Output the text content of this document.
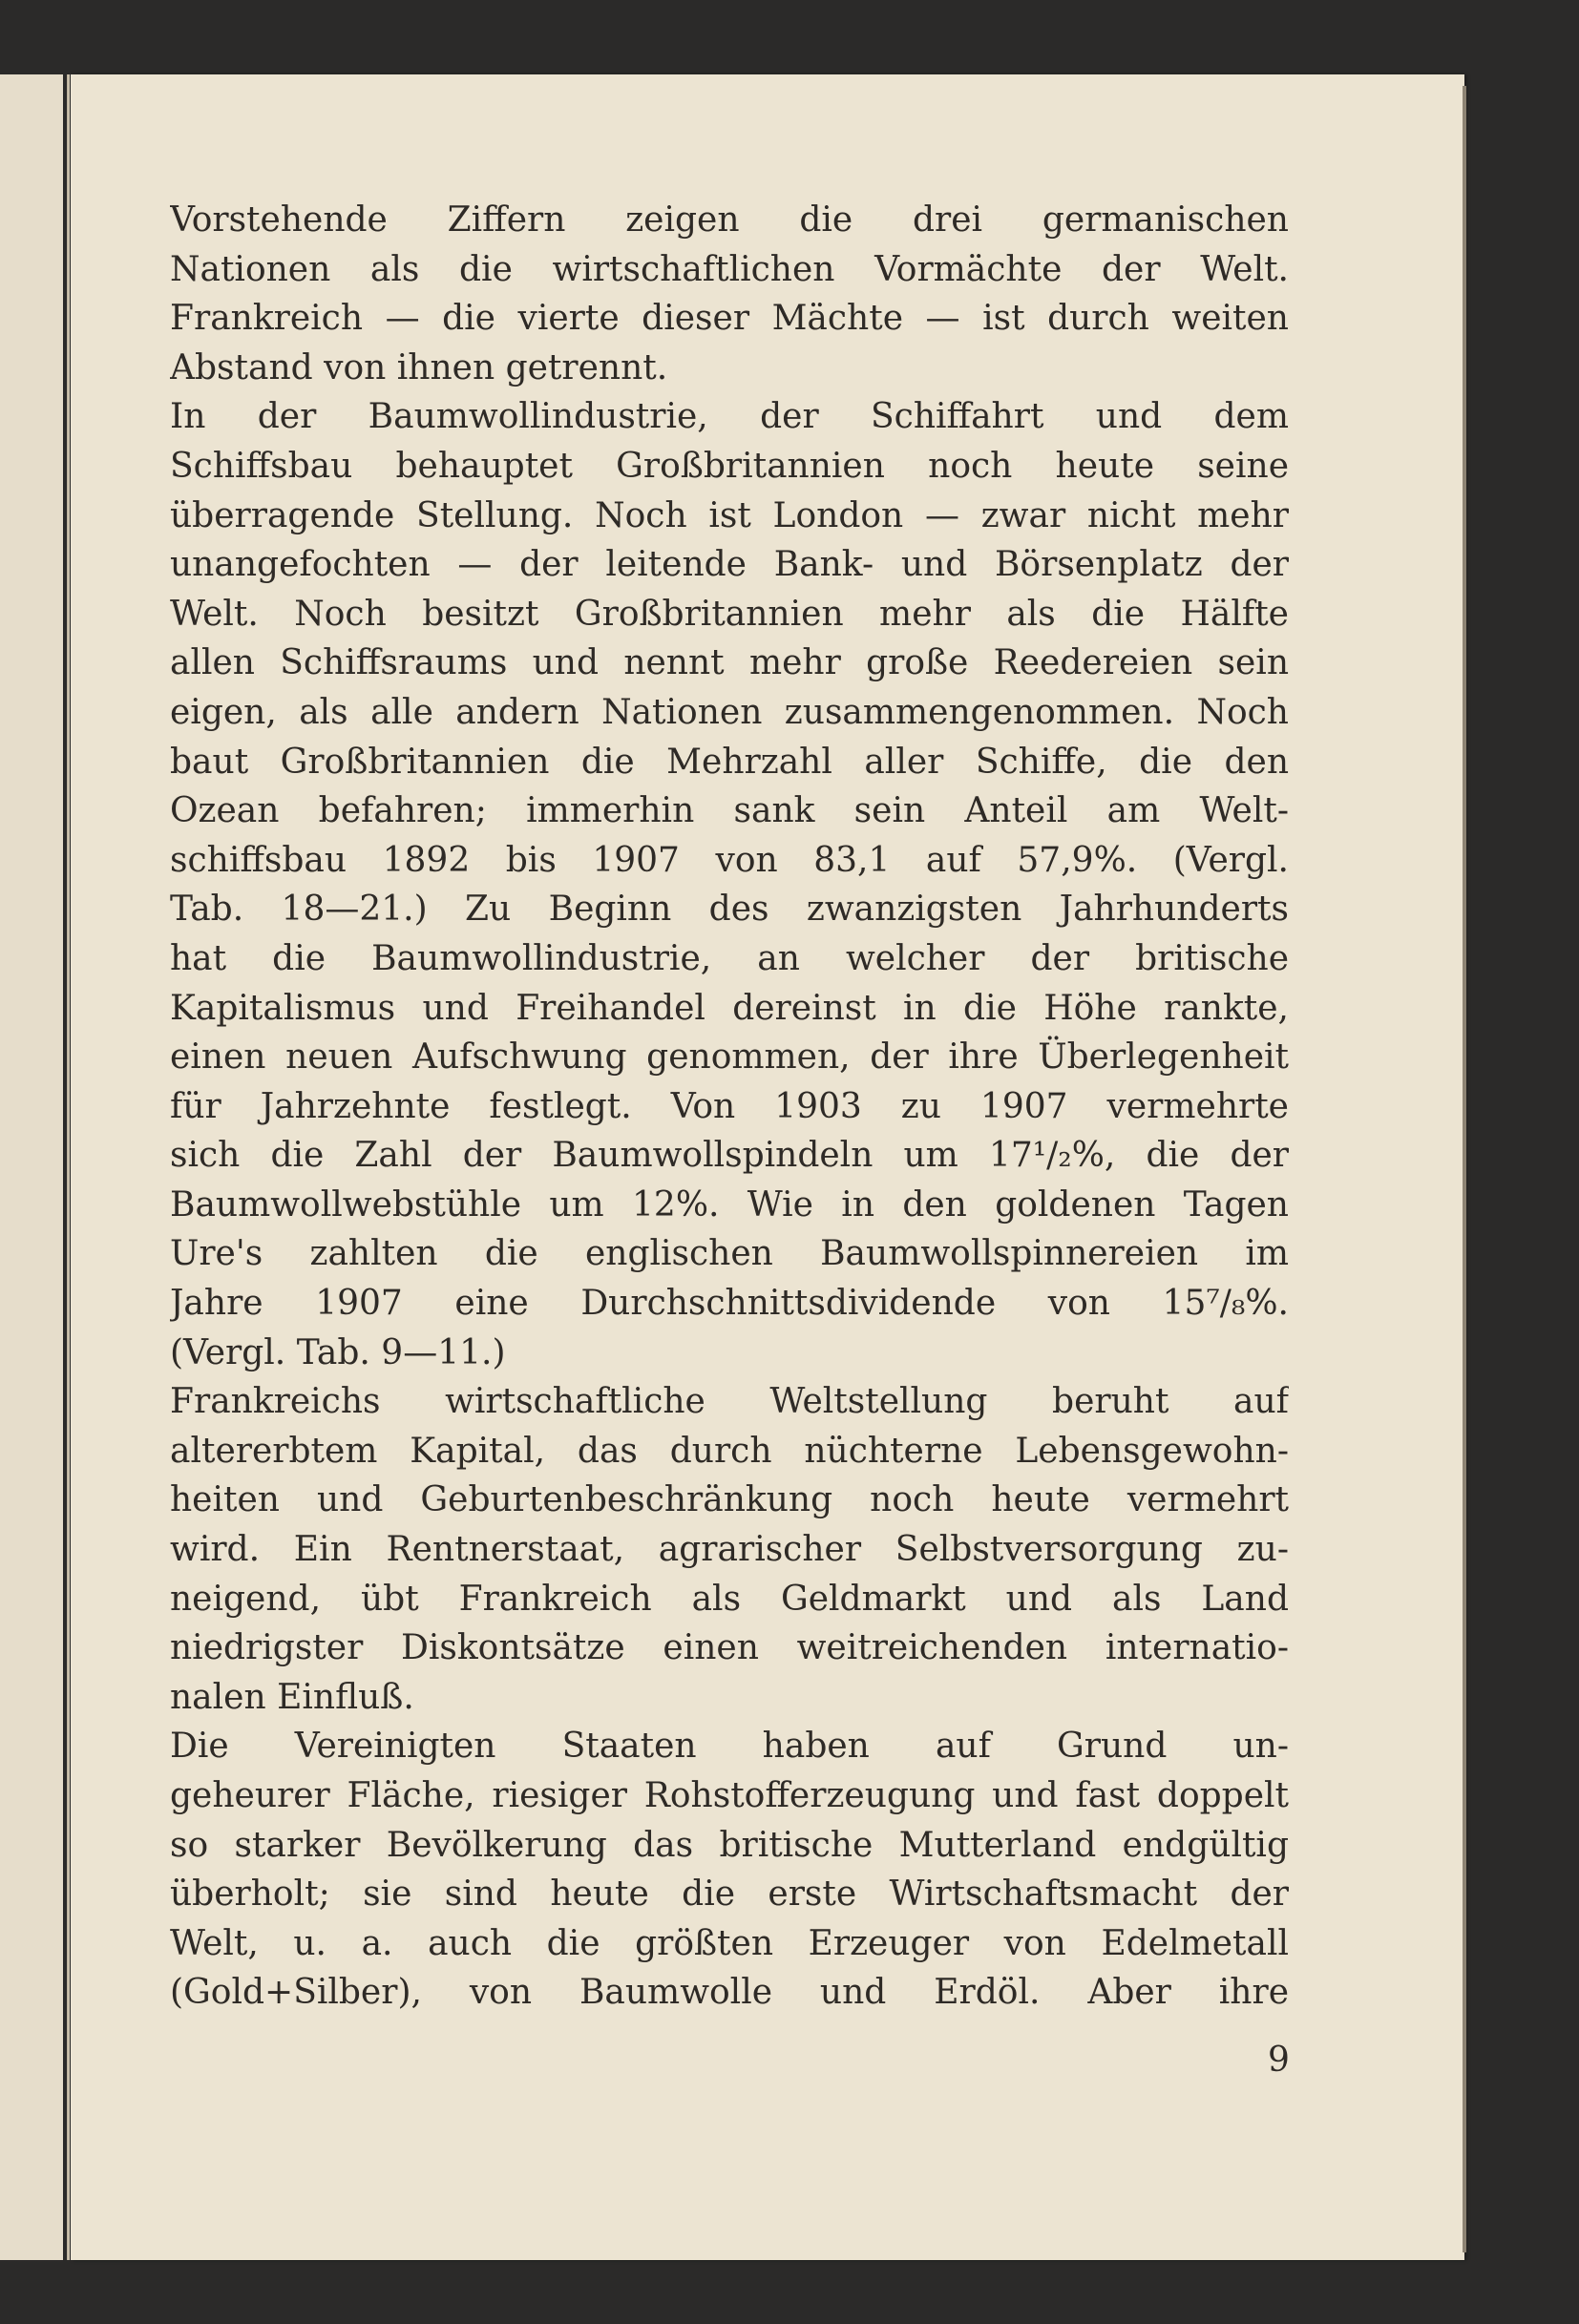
Vorstehende Ziffern zeigen die drei germanischen
Nationen als die wirtschaftlichen Vormächte der Welt.
Frankreich — die vierte dieser Mächte — ist durch weiten
Abstand von ihnen getrennt.
In der Baumwollindustrie, der Schiffahrt und dem
Schiffsbau behauptet Großbritannien noch heute seine
überragende Stellung. Noch ist London — zwar nicht mehr
unangefochten — der leitende Bank- und Börsenplatz der
Welt. Noch besitzt Großbritannien mehr als die Hälfte
allen Schiffsraums und nennt mehr große Reedereien sein
eigen, als alle andern Nationen zusammengenommen. Noch
baut Großbritannien die Mehrzahl aller Schiffe, die den
Ozean befahren; immerhin sank sein Anteil am Welt-
schiffsbau 1892 bis 1907 von 83,1 auf 57,9%. (Vergl.
Tab. 18—21.) Zu Beginn des zwanzigsten Jahrhunderts
hat die Baumwollindustrie, an welcher der britische
Kapitalismus und Freihandel dereinst in die Höhe rankte,
einen neuen Aufschwung genommen, der ihre Überlegenheit
für Jahrzehnte festlegt. Von 1903 zu 1907 vermehrte
sich die Zahl der Baumwollspindeln um 17¹/₂%, die der
Baumwollwebstühle um 12%. Wie in den goldenen Tagen
Ure's zahlten die englischen Baumwollspinnereien im
Jahre 1907 eine Durchschnittsdividende von 15⁷/₈%.
(Vergl. Tab. 9—11.)
Frankreichs wirtschaftliche Weltstellung beruht auf
altererbtem Kapital, das durch nüchterne Lebensgewohn-
heiten und Geburtenbeschränkung noch heute vermehrt
wird. Ein Rentnerstaat, agrarischer Selbstversorgung zu-
neigend, übt Frankreich als Geldmarkt und als Land
niedrigster Diskontsätze einen weitreichenden internatio-
nalen Einfluß.
Die Vereinigten Staaten haben auf Grund un-
geheurer Fläche, riesiger Rohstofferzeugung und fast doppelt
so starker Bevölkerung das britische Mutterland endgültig
überholt; sie sind heute die erste Wirtschaftsmacht der
Welt, u. a. auch die größten Erzeuger von Edelmetall
(Gold+Silber), von Baumwolle und Erdöl. Aber ihre
9
